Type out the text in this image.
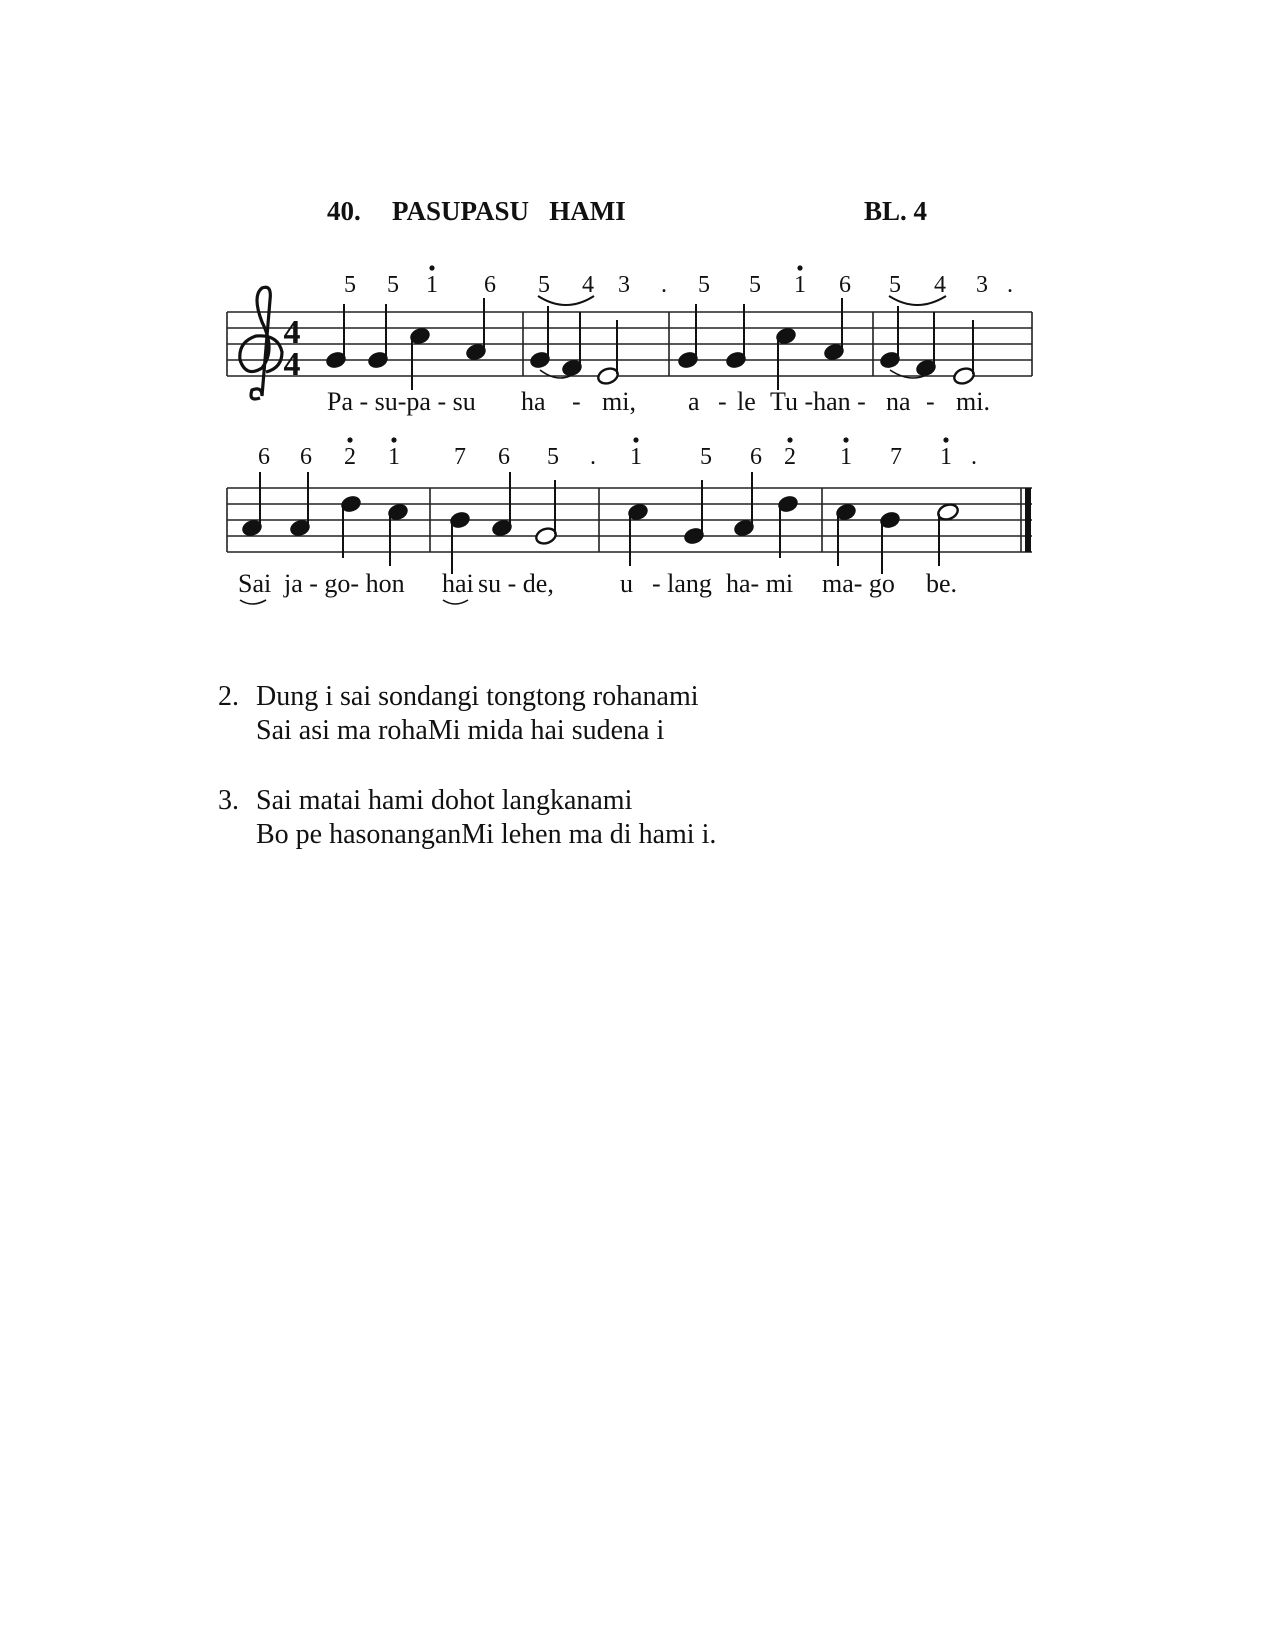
40. PASUPASU   HAMI	BL. 4
5 5 1 6 5 4 3 . 5 5 1 6 5 4 3 .
4
4
Pa - su-pa - su ha - mi, a - le Tu -han - na - mi.
6 6 2 1 7 6 5 . 1 5 6 2 1 7 1 .
Sai ja - go- hon hai su - de,	u - lang ha- mi ma- go be.
2. Dung i sai sondangi tongtong rohanami
Sai asi ma rohaMi mida hai sudena i
3. Sai matai hami dohot langkanami
Bo pe hasonanganMi lehen ma di hami i.
